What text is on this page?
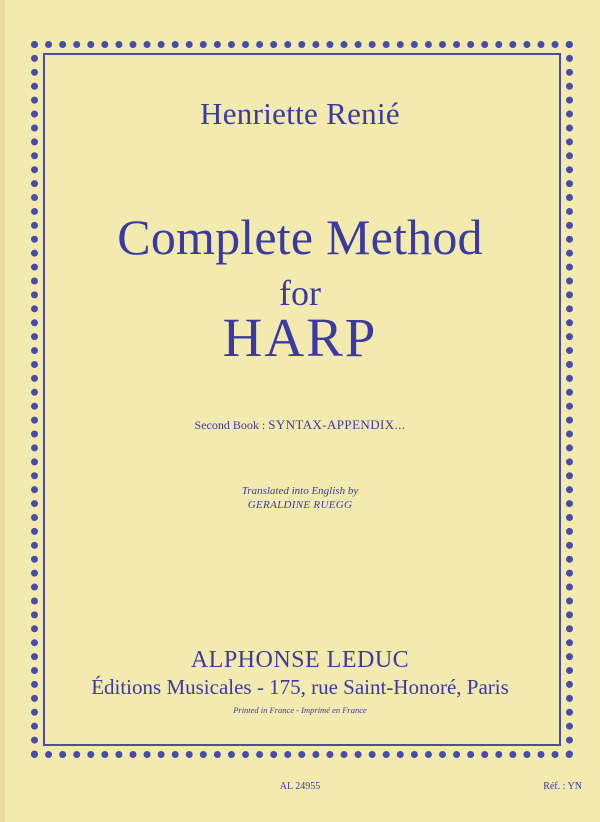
Henriette Renié
Complete Method
for
HARP
Second Book : SYNTAX-APPENDIX...
Translated into English by
GERALDINE RUEGG
ALPHONSE LEDUC
Éditions Musicales - 175, rue Saint-Honoré, Paris
Printed in France - Imprimé en France
AL 24955	Réf. : YN
